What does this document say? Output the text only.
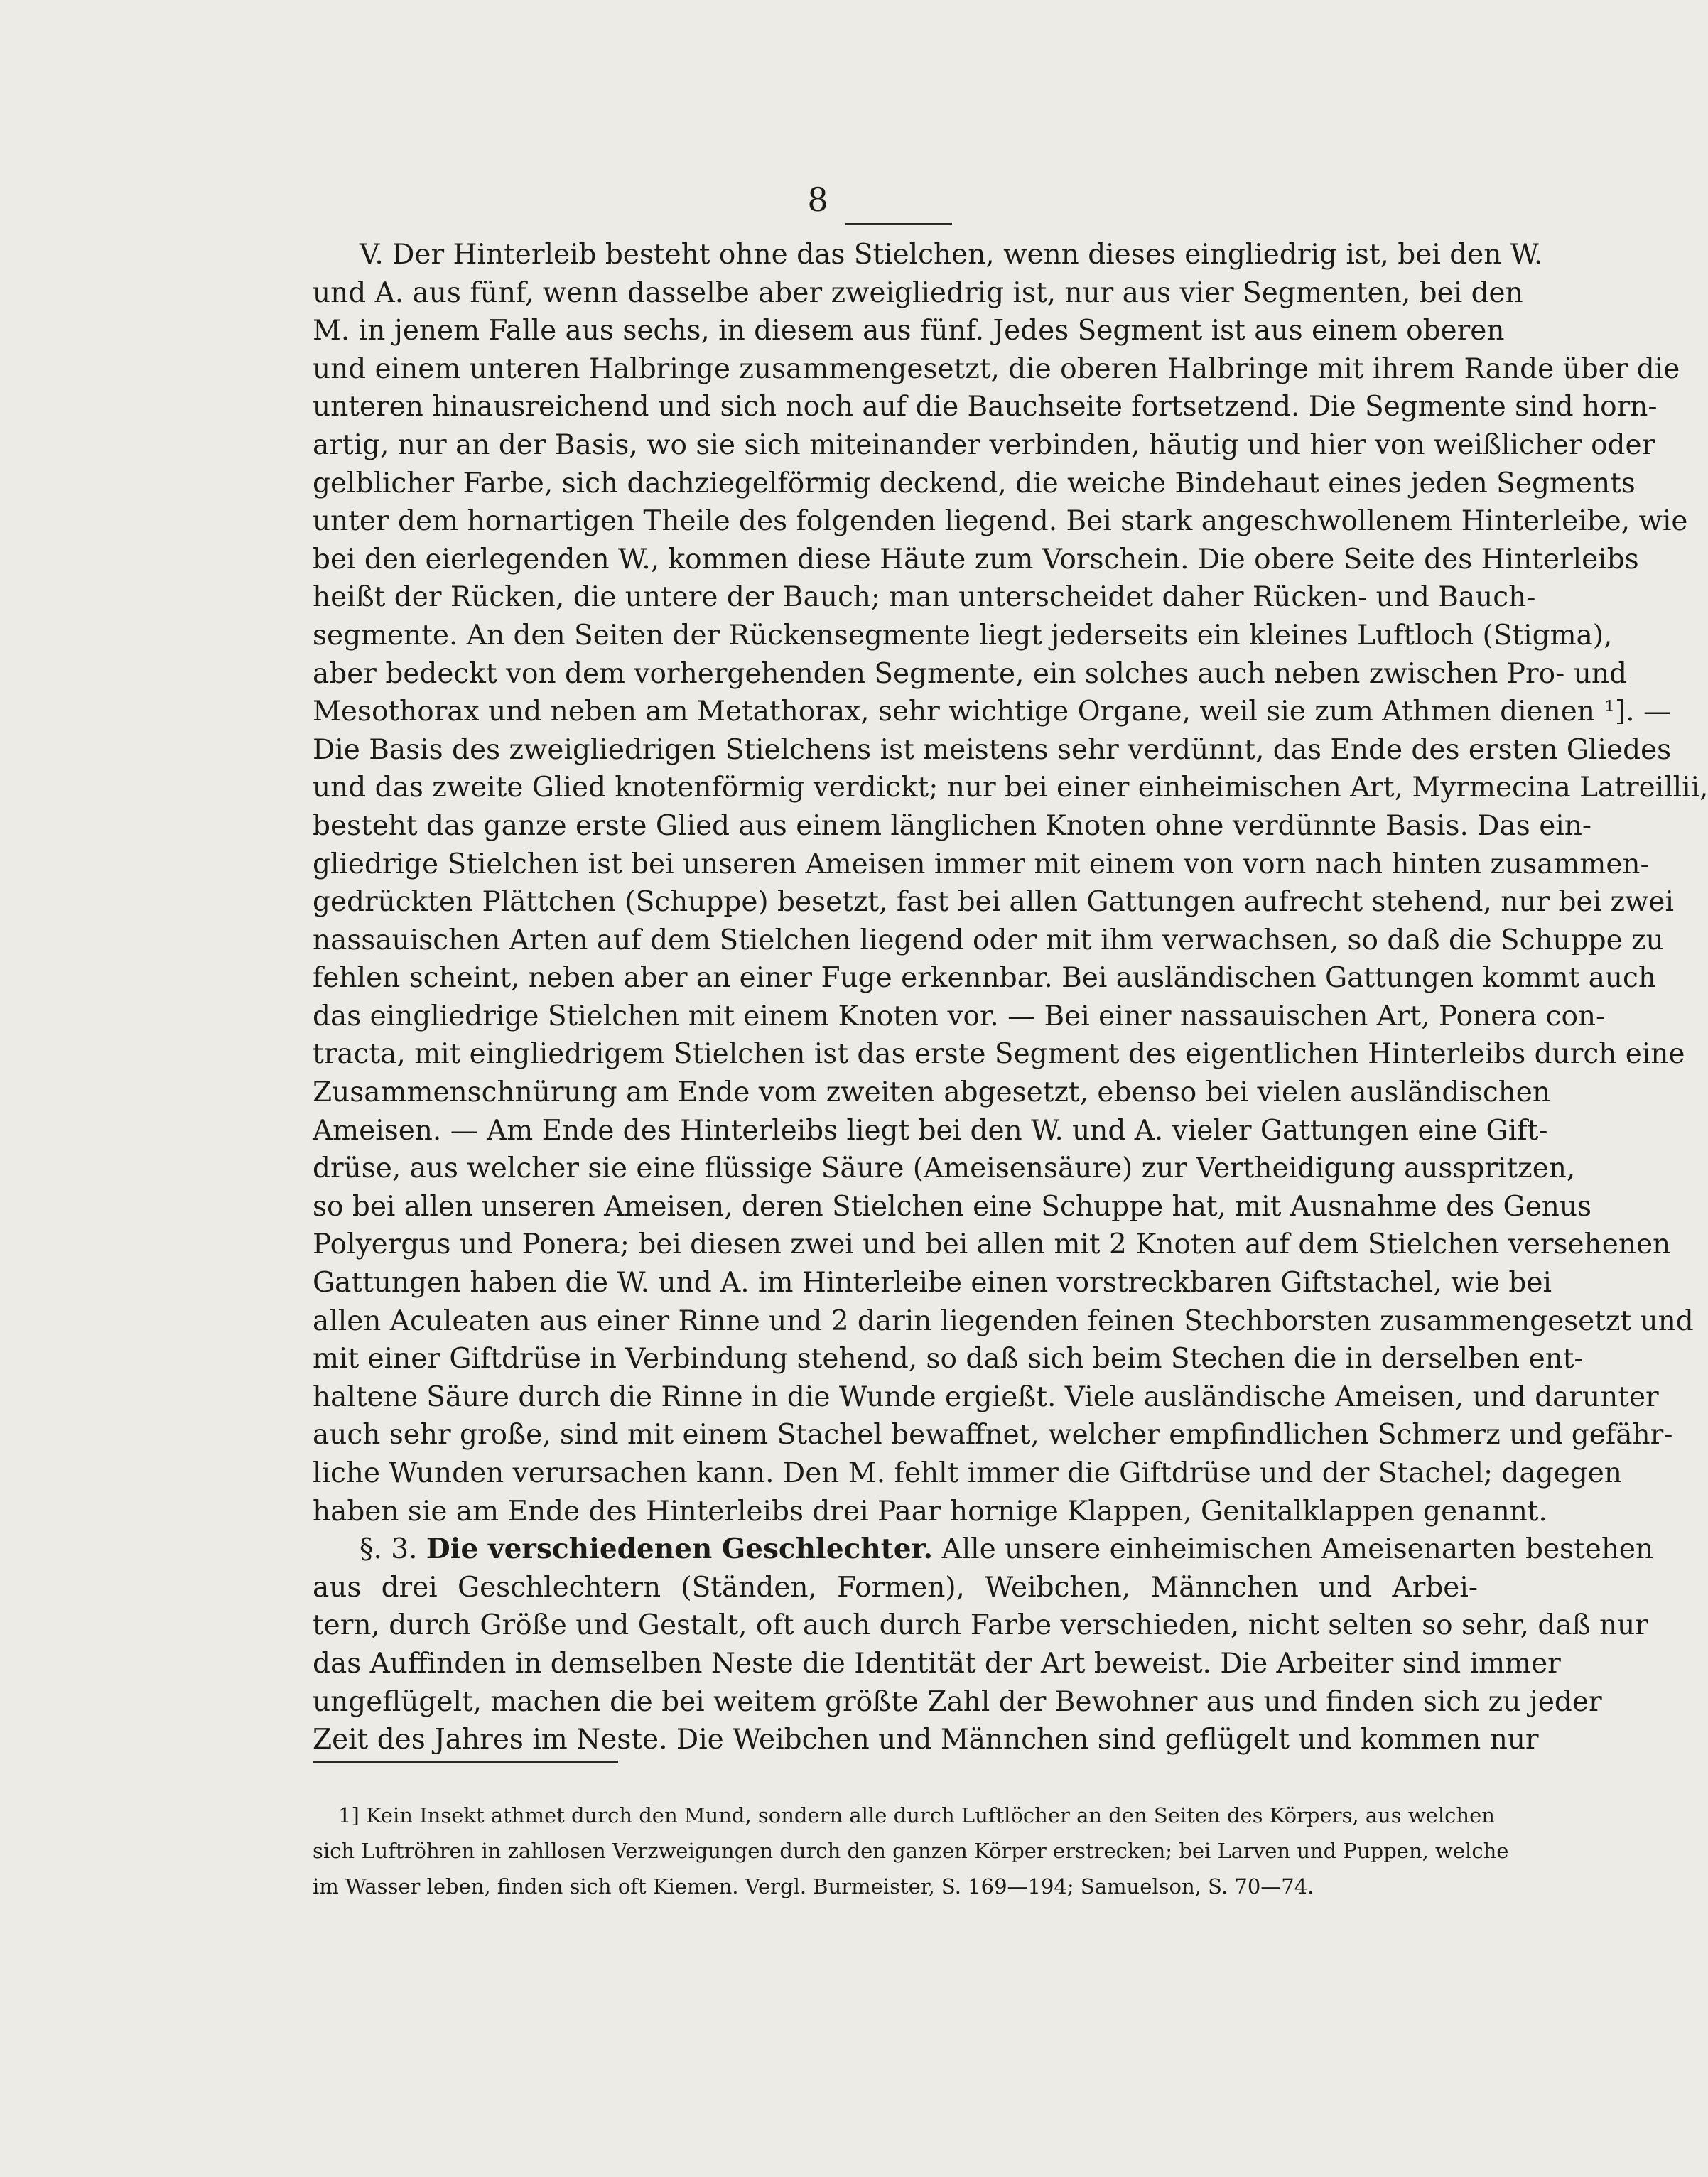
8
V. Der Hinterleib besteht ohne das Stielchen, wenn dieses eingliedrig ist, bei den W.
und A. aus fünf, wenn dasselbe aber zweigliedrig ist, nur aus vier Segmenten, bei den
M. in jenem Falle aus sechs, in diesem aus fünf. Jedes Segment ist aus einem oberen
und einem unteren Halbringe zusammengesetzt, die oberen Halbringe mit ihrem Rande über die
unteren hinausreichend und sich noch auf die Bauchseite fortsetzend. Die Segmente sind horn-
artig, nur an der Basis, wo sie sich miteinander verbinden, häutig und hier von weißlicher oder
gelblicher Farbe, sich dachziegelförmig deckend, die weiche Bindehaut eines jeden Segments
unter dem hornartigen Theile des folgenden liegend. Bei stark angeschwollenem Hinterleibe, wie
bei den eierlegenden W., kommen diese Häute zum Vorschein. Die obere Seite des Hinterleibs
heißt der Rücken, die untere der Bauch; man unterscheidet daher Rücken- und Bauch-
segmente. An den Seiten der Rückensegmente liegt jederseits ein kleines Luftloch (Stigma),
aber bedeckt von dem vorhergehenden Segmente, ein solches auch neben zwischen Pro- und
Mesothorax und neben am Metathorax, sehr wichtige Organe, weil sie zum Athmen dienen ¹]. —
Die Basis des zweigliedrigen Stielchens ist meistens sehr verdünnt, das Ende des ersten Gliedes
und das zweite Glied knotenförmig verdickt; nur bei einer einheimischen Art, Myrmecina Latreillii,
besteht das ganze erste Glied aus einem länglichen Knoten ohne verdünnte Basis. Das ein-
gliedrige Stielchen ist bei unseren Ameisen immer mit einem von vorn nach hinten zusammen-
gedrückten Plättchen (Schuppe) besetzt, fast bei allen Gattungen aufrecht stehend, nur bei zwei
nassauischen Arten auf dem Stielchen liegend oder mit ihm verwachsen, so daß die Schuppe zu
fehlen scheint, neben aber an einer Fuge erkennbar. Bei ausländischen Gattungen kommt auch
das eingliedrige Stielchen mit einem Knoten vor. — Bei einer nassauischen Art, Ponera con-
tracta, mit eingliedrigem Stielchen ist das erste Segment des eigentlichen Hinterleibs durch eine
Zusammenschnürung am Ende vom zweiten abgesetzt, ebenso bei vielen ausländischen
Ameisen. — Am Ende des Hinterleibs liegt bei den W. und A. vieler Gattungen eine Gift-
drüse, aus welcher sie eine flüssige Säure (Ameisensäure) zur Vertheidigung ausspritzen,
so bei allen unseren Ameisen, deren Stielchen eine Schuppe hat, mit Ausnahme des Genus
Polyergus und Ponera; bei diesen zwei und bei allen mit 2 Knoten auf dem Stielchen versehenen
Gattungen haben die W. und A. im Hinterleibe einen vorstreckbaren Giftstachel, wie bei
allen Aculeaten aus einer Rinne und 2 darin liegenden feinen Stechborsten zusammengesetzt und
mit einer Giftdrüse in Verbindung stehend, so daß sich beim Stechen die in derselben ent-
haltene Säure durch die Rinne in die Wunde ergießt. Viele ausländische Ameisen, und darunter
auch sehr große, sind mit einem Stachel bewaffnet, welcher empfindlichen Schmerz und gefähr-
liche Wunden verursachen kann. Den M. fehlt immer die Giftdrüse und der Stachel; dagegen
haben sie am Ende des Hinterleibs drei Paar hornige Klappen, Genitalklappen genannt.
§. 3. Die verschiedenen Geschlechter. Alle unsere einheimischen Ameisenarten bestehen
aus drei Geschlechtern (Ständen, Formen), Weibchen, Männchen und Arbei-
tern, durch Größe und Gestalt, oft auch durch Farbe verschieden, nicht selten so sehr, daß nur
das Auffinden in demselben Neste die Identität der Art beweist. Die Arbeiter sind immer
ungeflügelt, machen die bei weitem größte Zahl der Bewohner aus und finden sich zu jeder
Zeit des Jahres im Neste. Die Weibchen und Männchen sind geflügelt und kommen nur
1] Kein Insekt athmet durch den Mund, sondern alle durch Luftlöcher an den Seiten des Körpers, aus welchen
sich Luftröhren in zahllosen Verzweigungen durch den ganzen Körper erstrecken; bei Larven und Puppen, welche
im Wasser leben, finden sich oft Kiemen. Vergl. Burmeister, S. 169—194; Samuelson, S. 70—74.
